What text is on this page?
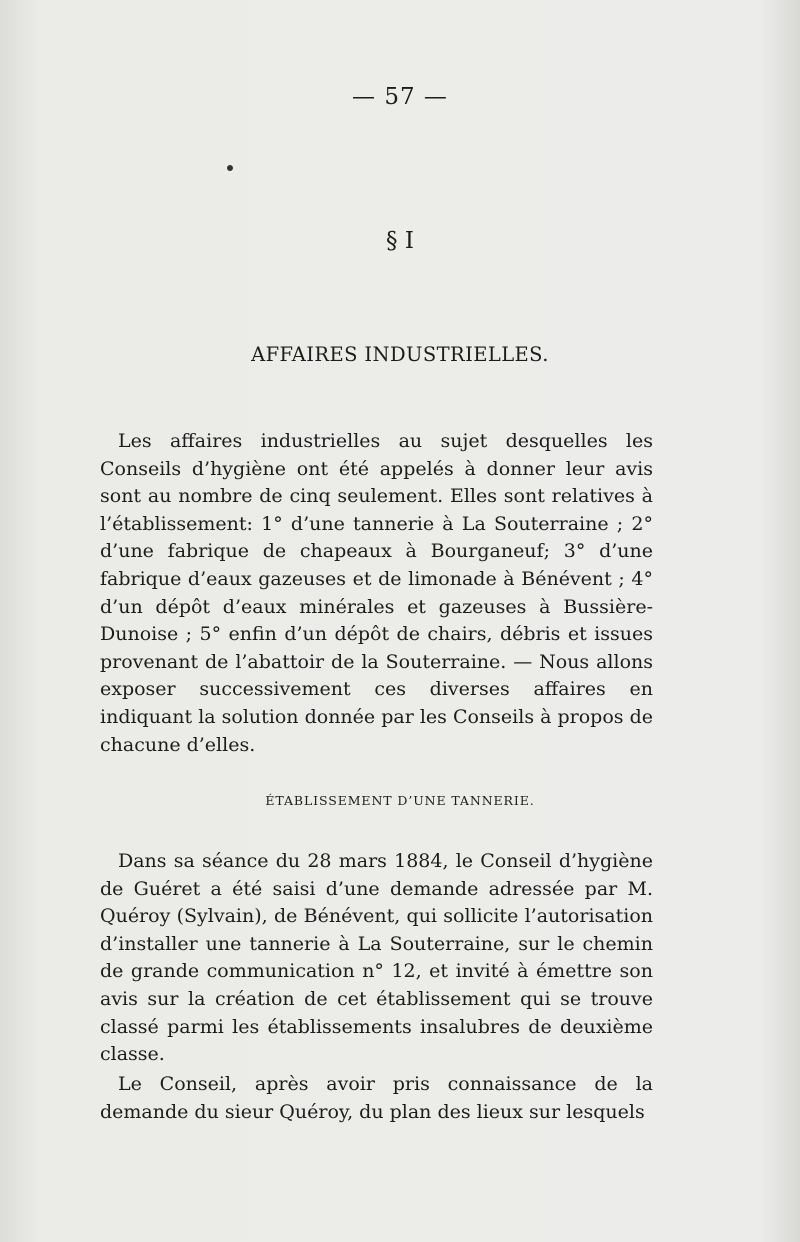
— 57 —
§ I
AFFAIRES INDUSTRIELLES.

Les affaires industrielles au sujet desquelles les Conseils d’hygiène ont été appelés à donner leur avis sont au nombre de cinq seulement. Elles sont relatives à l’établissement: 1° d’une tannerie à La Souterraine ; 2° d’une fabrique de chapeaux à Bourganeuf; 3° d’une fabrique d’eaux gazeuses et de limonade à Bénévent ; 4° d’un dépôt d’eaux minérales et gazeuses à Bussière-Dunoise ; 5° enfin d’un dépôt de chairs, débris et issues provenant de l’abattoir de la Souterraine. — Nous allons exposer successivement ces diverses affaires en indiquant la solution donnée par les Conseils à propos de chacune d’elles.

ÉTABLISSEMENT D’UNE TANNERIE.

Dans sa séance du 28 mars 1884, le Conseil d’hygiène de Guéret a été saisi d’une demande adressée par M. Quéroy (Sylvain), de Bénévent, qui sollicite l’autorisation d’installer une tannerie à La Souterraine, sur le chemin de grande communication n° 12, et invité à émettre son avis sur la création de cet établissement qui se trouve classé parmi les établissements insalubres de deuxième classe.

Le Conseil, après avoir pris connaissance de la demande du sieur Quéroy, du plan des lieux sur lesquels
